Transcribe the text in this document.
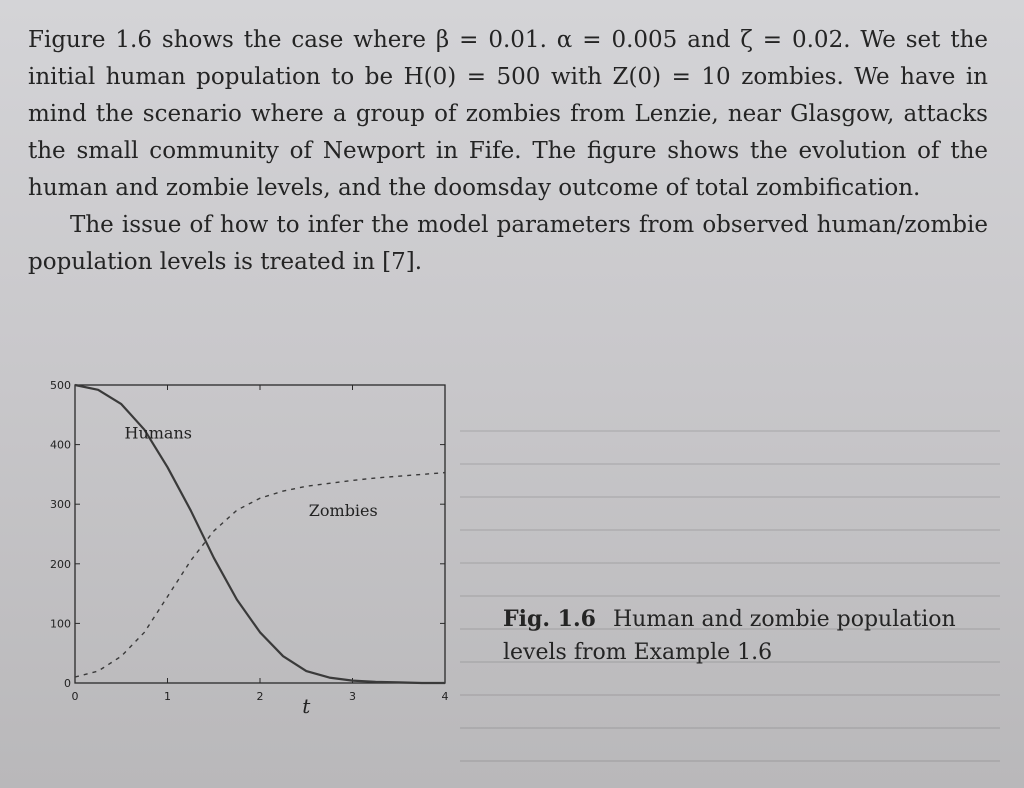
Figure 1.6 shows the case where β = 0.01. α = 0.005 and ζ = 0.02. We set the initial human population to be H(0) = 500 with Z(0) = 10 zombies. We have in mind the scenario where a group of zombies from Lenzie, near Glasgow, attacks the small community of Newport in Fife. The figure shows the evolution of the human and zombie levels, and the doomsday outcome of total zombification.

The issue of how to infer the model parameters from observed human/zombie population levels is treated in [7].

0
100
200
300
400
500
0	1	2	3	4
t
Humans
Zombies
Fig. 1.6 Human and zombie population levels from Example 1.6
